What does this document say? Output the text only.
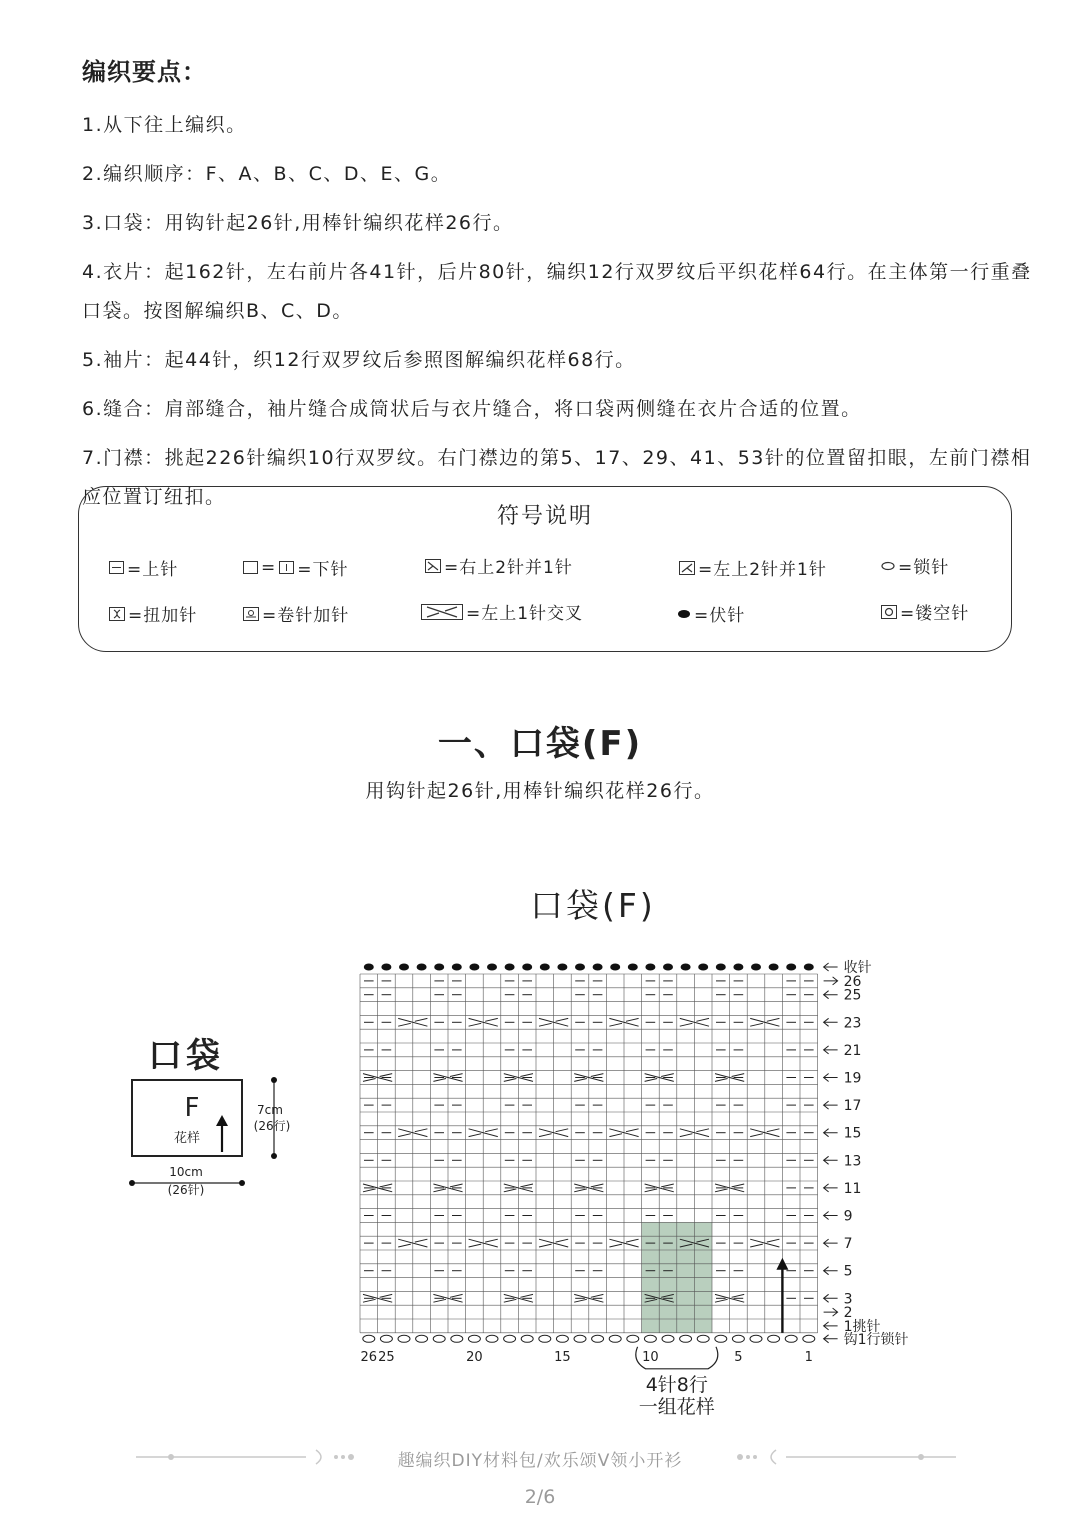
编织要点：
1.从下往上编织。
2.编织顺序：F、A、B、C、D、E、G。
3.口袋：用钩针起26针,用棒针编织花样26行。
4.衣片：起162针，左右前片各41针，后片80针，编织12行双罗纹后平织花样64行。在主体第一行重叠口袋。按图解编织B、C、D。
5.袖片：起44针，织12行双罗纹后参照图解编织花样68行。
6.缝合：肩部缝合，袖片缝合成筒状后与衣片缝合，将口袋两侧缝在衣片合适的位置。
7.门襟：挑起226针编织10行双罗纹。右门襟边的第5、17、29、41、53针的位置留扣眼，左前门襟相应位置订纽扣。
符号说明
=上针	= =下针	=右上2针并1针	=左上2针并1针	=锁针
=扭加针	=卷针加针	=左上1针交叉	=伏针	=镂空针
一、口袋(F)
用钩针起26针,用棒针编织花样26行。
口袋(F)
口袋
F
花样
7cm
(26行)
10cm
(26针)
收针
26
25
23
21
19
17
15
13
11
9
7
5
3
2
1挑针
钩1行锁针
26 25	20	15	10	5	1
4针8行
一组花样
趣编织DIY材料包/欢乐颂V领小开衫
2/6
